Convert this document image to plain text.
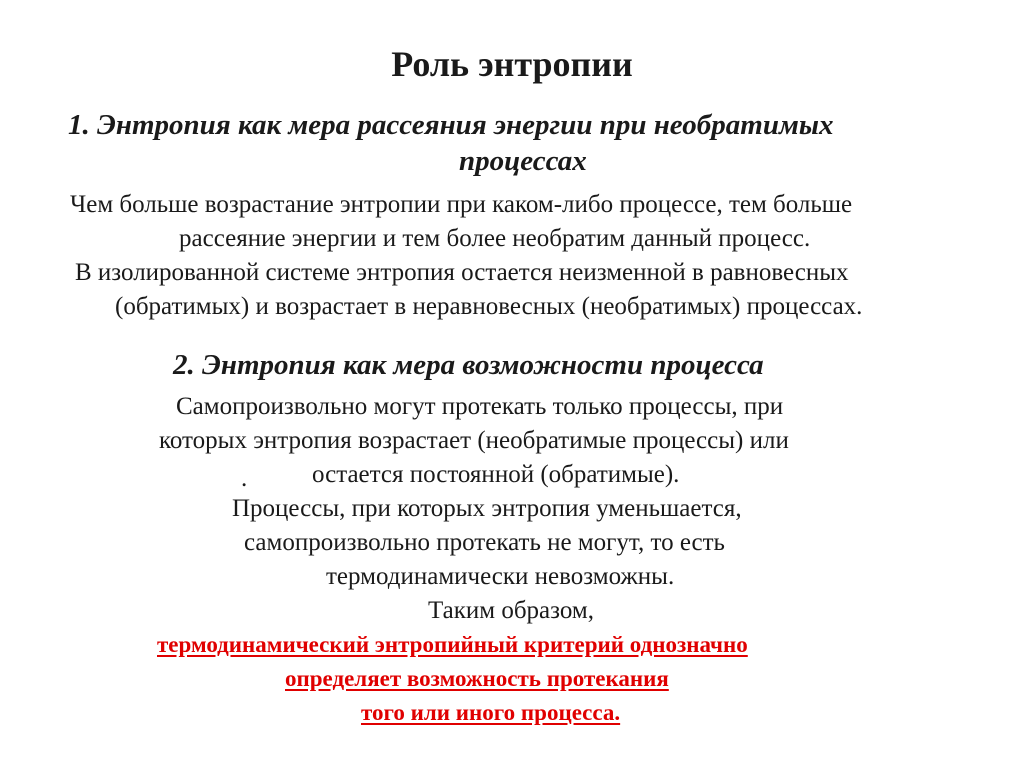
Роль энтропии
1. Энтропия как мера рассеяния энергии при необратимых
процессах
Чем больше возрастание энтропии при каком-либо процессе, тем больше
рассеяние энергии и тем более необратим данный процесс.
В изолированной системе энтропия остается неизменной в равновесных
(обратимых) и возрастает в неравновесных (необратимых) процессах.
2. Энтропия как мера возможности процесса
Самопроизвольно могут протекать только процессы, при
которых энтропия возрастает (необратимые процессы) или
.	остается постоянной (обратимые).
Процессы, при которых энтропия уменьшается,
самопроизвольно протекать не могут, то есть
термодинамически невозможны.
Таким образом,
термодинамический энтропийный критерий однозначно
определяет возможность протекания
того или иного процесса.
